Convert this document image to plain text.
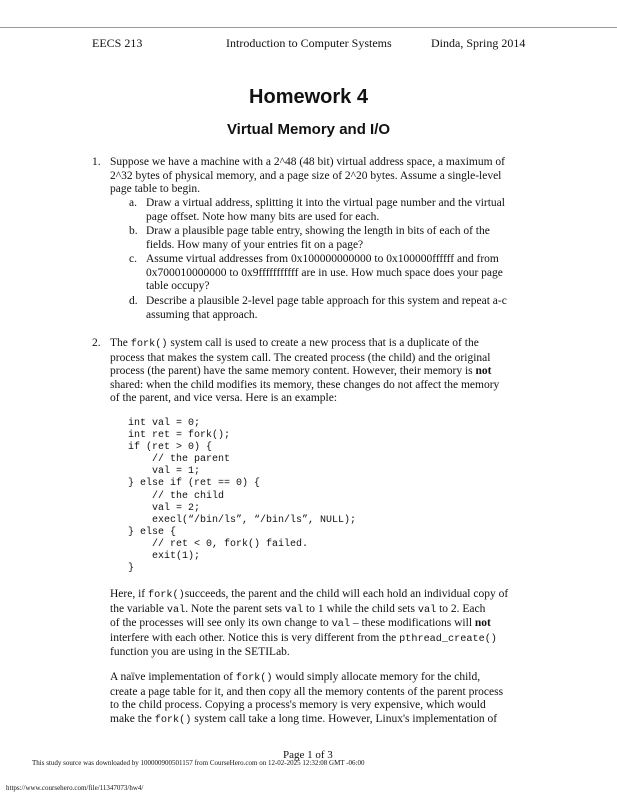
EECS 213	Introduction to Computer Systems	Dinda, Spring 2014
Homework 4
Virtual Memory and I/O
1. Suppose we have a machine with a 2^48 (48 bit) virtual address space, a maximum of
2^32 bytes of physical memory, and a page size of 2^20 bytes. Assume a single-level
page table to begin.
a. Draw a virtual address, splitting it into the virtual page number and the virtual
page offset. Note how many bits are used for each.
b. Draw a plausible page table entry, showing the length in bits of each of the
fields. How many of your entries fit on a page?
c. Assume virtual addresses from 0x100000000000 to 0x100000ffffff and from
0x700010000000 to 0x9fffffffffff are in use. How much space does your page
table occupy?
d. Describe a plausible 2-level page table approach for this system and repeat a-c
assuming that approach.
2. The fork() system call is used to create a new process that is a duplicate of the
process that makes the system call. The created process (the child) and the original
process (the parent) have the same memory content. However, their memory is not
shared: when the child modifies its memory, these changes do not affect the memory
of the parent, and vice versa. Here is an example:
int val = 0;
int ret = fork();
if (ret > 0) {
// the parent
val = 1;
} else if (ret == 0) {
// the child
val = 2;
execl(“/bin/ls”, “/bin/ls”, NULL);
} else {
// ret < 0, fork() failed.
exit(1);
}
Here, if fork()succeeds, the parent and the child will each hold an individual copy of
the variable val. Note the parent sets val to 1 while the child sets val to 2. Each
of the processes will see only its own change to val – these modifications will not
interfere with each other. Notice this is very different from the pthread_create()
function you are using in the SETILab.
A naïve implementation of fork() would simply allocate memory for the child,
create a page table for it, and then copy all the memory contents of the parent process
to the child process. Copying a process's memory is very expensive, which would
make the fork() system call take a long time. However, Linux's implementation of
Page 1 of 3
This study source was downloaded by 100000900501157 from CourseHero.com on 12-02-2025 12:32:08 GMT -06:00
https://www.coursehero.com/file/11347073/hw4/
